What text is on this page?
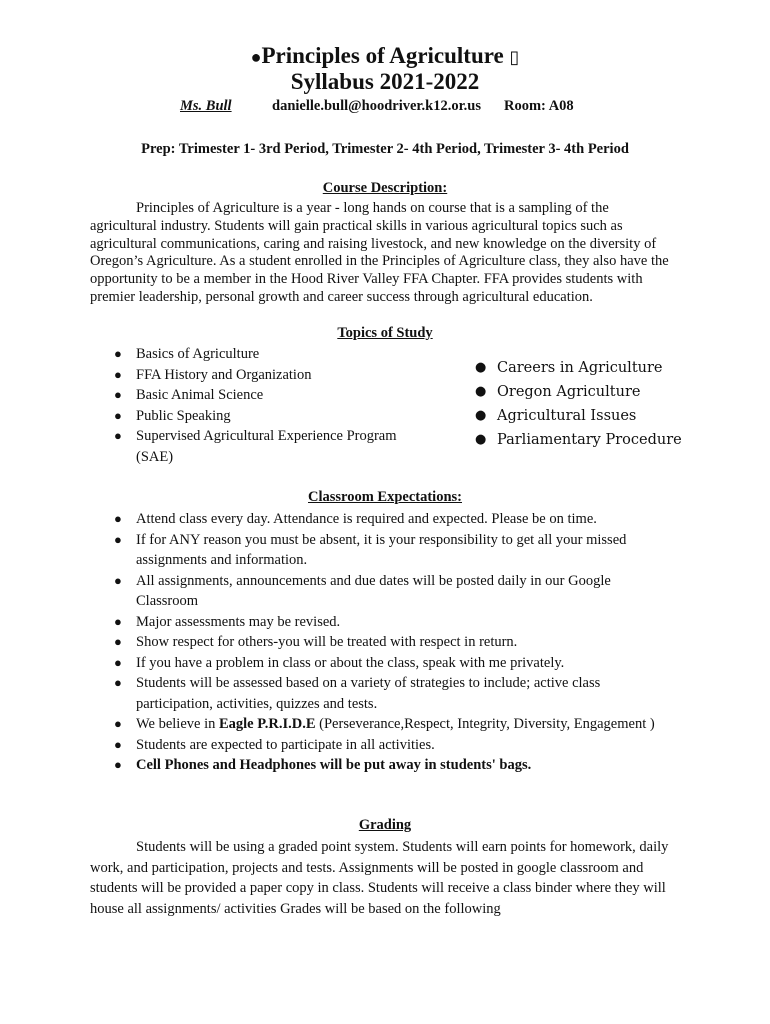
●Principles of Agriculture ▯
Syllabus 2021-2022
Ms. Bull	danielle.bull@hoodriver.k12.or.us Room: A08
Prep: Trimester 1- 3rd Period, Trimester 2- 4th Period, Trimester 3- 4th Period
Course Description:

Principles of Agriculture is a year - long hands on course that is a sampling of the agricultural industry. Students will gain practical skills in various agricultural topics such as agricultural communications, caring and raising livestock, and new knowledge on the diversity of Oregon’s Agriculture. As a student enrolled in the Principles of Agriculture class, they also have the opportunity to be a member in the Hood River Valley FFA Chapter. FFA provides students with premier leadership, personal growth and career success through agricultural education.

Topics of Study
● Basics of Agriculture
● FFA History and Organization
● Basic Animal Science
● Public Speaking
● Supervised Agricultural Experience Program (SAE)
● Careers in Agriculture
● Oregon Agriculture
● Agricultural Issues
● Parliamentary Procedure
Classroom Expectations:
● Attend class every day. Attendance is required and expected. Please be on time.
● If for ANY reason you must be absent, it is your responsibility to get all your missed assignments and information.
● All assignments, announcements and due dates will be posted daily in our Google Classroom
● Major assessments may be revised.
● Show respect for others-you will be treated with respect in return.
● If you have a problem in class or about the class, speak with me privately.
● Students will be assessed based on a variety of strategies to include; active class participation, activities, quizzes and tests.
● We believe in Eagle P.R.I.D.E (Perseverance,Respect, Integrity, Diversity, Engagement )
● Students are expected to participate in all activities.
● Cell Phones and Headphones will be put away in students' bags.
Grading

Students will be using a graded point system. Students will earn points for homework, daily work, and participation, projects and tests. Assignments will be posted in google classroom and students will be provided a paper copy in class. Students will receive a class binder where they will house all assignments/ activities Grades will be based on the following
